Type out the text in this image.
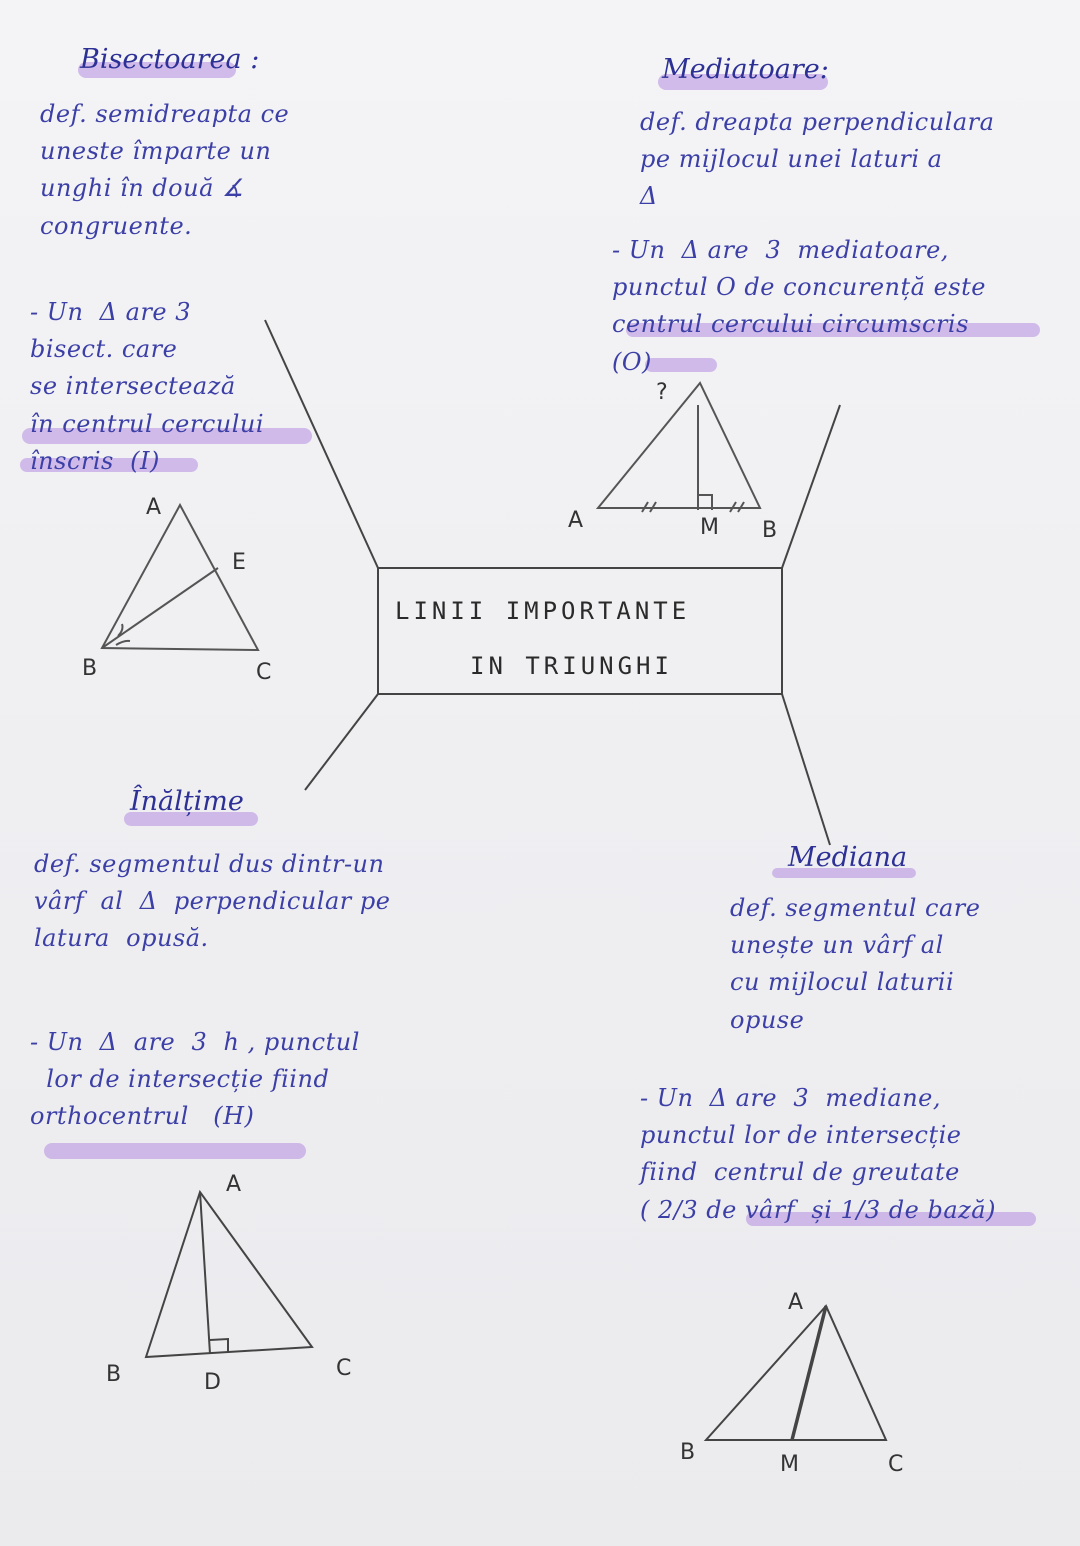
LINII IMPORTANTE
IN TRIUNGHI
Bisectoarea :
def. semidreapta ce
uneste împarte un
unghi în două ∡
congruente.
- Un  Δ are 3
bisect. care
se intersectează
în centrul cercului
înscris  (I)
A
E
B	C
Mediatoare:
def. dreapta perpendiculara
pe mijlocul unei laturi a
Δ
- Un  Δ are  3  mediatoare,
punctul O de concurență este
centrul cercului circumscris
(O)
?
A	M B
Înălțime
def. segmentul dus dintr-un
vârf  al  Δ  perpendicular pe
latura  opusă.
- Un  Δ  are  3  h , punctul
lor de intersecție fiind
orthocentrul   (H)
A
B	D
C
Mediana
def. segmentul care
unește un vârf al
cu mijlocul laturii
opuse
- Un  Δ are  3  mediane,
punctul lor de intersecție
fiind  centrul de greutate
( 2/3 de vârf  și 1/3 de bază)
A
B	M	C
